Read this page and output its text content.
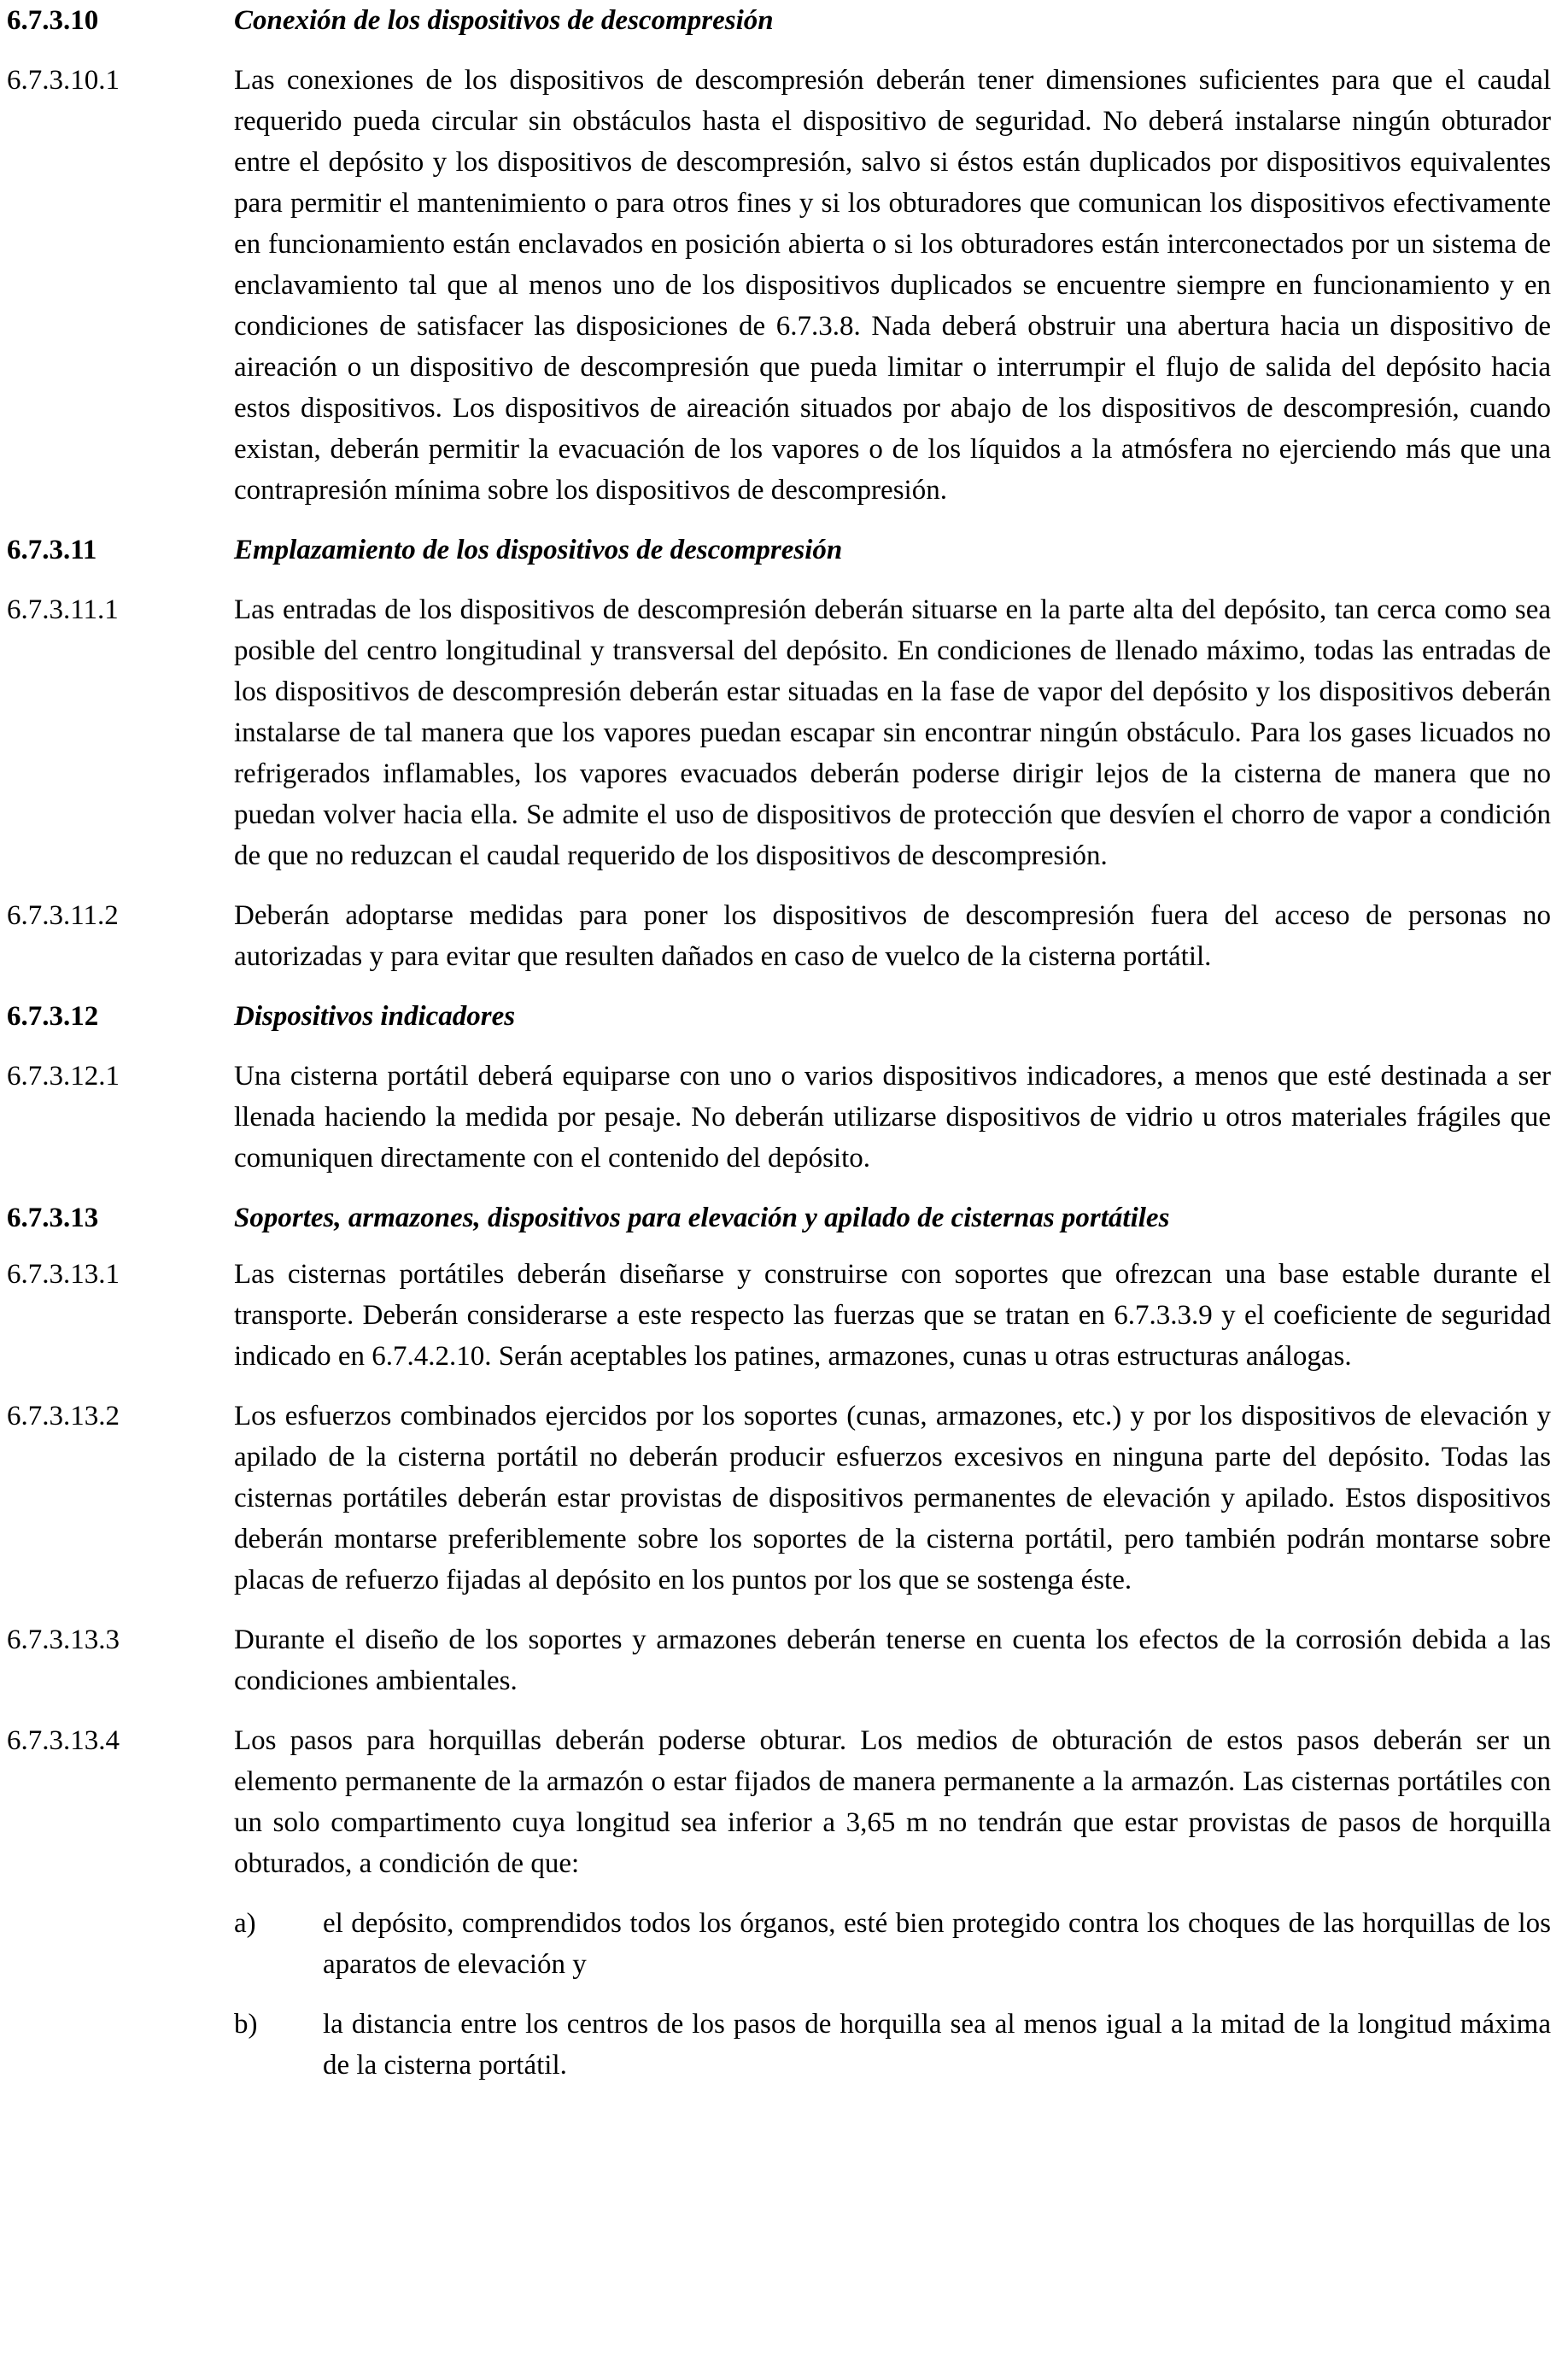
6.7.3.10	Conexión de los dispositivos de descompresión
6.7.3.10.1	Las conexiones de los dispositivos de descompresión deberán tener dimensiones suficientes para que el caudal requerido pueda circular sin obstáculos hasta el dispositivo de seguridad. No deberá instalarse ningún obturador entre el depósito y los dispositivos de descompresión, salvo si éstos están duplicados por dispositivos equivalentes para permitir el mantenimiento o para otros fines y si los obturadores que comunican los dispositivos efectivamente en funcionamiento están enclavados en posición abierta o si los obturadores están interconectados por un sistema de enclavamiento tal que al menos uno de los dispositivos duplicados se encuentre siempre en funcionamiento y en condiciones de satisfacer las disposiciones de 6.7.3.8. Nada deberá obstruir una abertura hacia un dispositivo de aireación o un dispositivo de descompresión que pueda limitar o interrumpir el flujo de salida del depósito hacia estos dispositivos. Los dispositivos de aireación situados por abajo de los dispositivos de descompresión, cuando existan, deberán permitir la evacuación de los vapores o de los líquidos a la atmósfera no ejerciendo más que una contrapresión mínima sobre los dispositivos de descompresión.
6.7.3.11	Emplazamiento de los dispositivos de descompresión
6.7.3.11.1	Las entradas de los dispositivos de descompresión deberán situarse en la parte alta del depósito, tan cerca como sea posible del centro longitudinal y transversal del depósito. En condiciones de llenado máximo, todas las entradas de los dispositivos de descompresión deberán estar situadas en la fase de vapor del depósito y los dispositivos deberán instalarse de tal manera que los vapores puedan escapar sin encontrar ningún obstáculo. Para los gases licuados no refrigerados inflamables, los vapores evacuados deberán poderse dirigir lejos de la cisterna de manera que no puedan volver hacia ella. Se admite el uso de dispositivos de protección que desvíen el chorro de vapor a condición de que no reduzcan el caudal requerido de los dispositivos de descompresión.
6.7.3.11.2	Deberán adoptarse medidas para poner los dispositivos de descompresión fuera del acceso de personas no autorizadas y para evitar que resulten dañados en caso de vuelco de la cisterna portátil.
6.7.3.12	Dispositivos indicadores
6.7.3.12.1	Una cisterna portátil deberá equiparse con uno o varios dispositivos indicadores, a menos que esté destinada a ser llenada haciendo la medida por pesaje. No deberán utilizarse dispositivos de vidrio u otros materiales frágiles que comuniquen directamente con el contenido del depósito.
6.7.3.13	Soportes, armazones, dispositivos para elevación y apilado de cisternas portátiles
6.7.3.13.1	Las cisternas portátiles deberán diseñarse y construirse con soportes que ofrezcan una base estable durante el transporte. Deberán considerarse a este respecto las fuerzas que se tratan en 6.7.3.3.9 y el coeficiente de seguridad indicado en 6.7.4.2.10. Serán aceptables los patines, armazones, cunas u otras estructuras análogas.
6.7.3.13.2	Los esfuerzos combinados ejercidos por los soportes (cunas, armazones, etc.) y por los dispositivos de elevación y apilado de la cisterna portátil no deberán producir esfuerzos excesivos en ninguna parte del depósito. Todas las cisternas portátiles deberán estar provistas de dispositivos permanentes de elevación y apilado. Estos dispositivos deberán montarse preferiblemente sobre los soportes de la cisterna portátil, pero también podrán montarse sobre placas de refuerzo fijadas al depósito en los puntos por los que se sostenga éste.
6.7.3.13.3	Durante el diseño de los soportes y armazones deberán tenerse en cuenta los efectos de la corrosión debida a las condiciones ambientales.
6.7.3.13.4	Los pasos para horquillas deberán poderse obturar. Los medios de obturación de estos pasos deberán ser un elemento permanente de la armazón o estar fijados de manera permanente a la armazón. Las cisternas portátiles con un solo compartimento cuya longitud sea inferior a 3,65 m no tendrán que estar provistas de pasos de horquilla obturados, a condición de que:
a)	el depósito, comprendidos todos los órganos, esté bien protegido contra los choques de las horquillas de los aparatos de elevación y
b)	la distancia entre los centros de los pasos de horquilla sea al menos igual a la mitad de la longitud máxima de la cisterna portátil.
